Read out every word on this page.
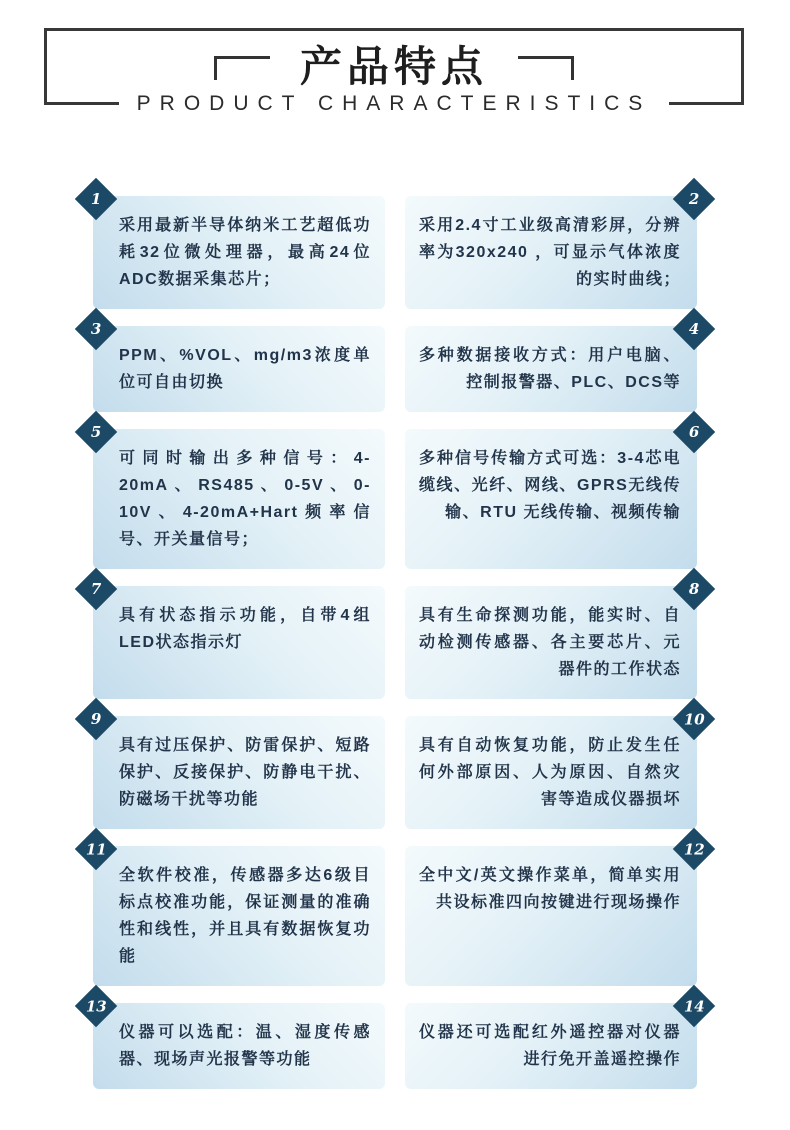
产品特点
PRODUCT CHARACTERISTICS
1

采用最新半导体纳米工艺超低功耗32位微处理器，最高24位ADC数据采集芯片；

2

采用2.4寸工业级高清彩屏，分辨率为320x240 ，可显示气体浓度的实时曲线；

3

PPM、%VOL、mg/m3浓度单位可自由切换

4

多种数据接收方式：用户电脑、控制报警器、PLC、DCS等

5

可同时输出多种信号：4-20mA、RS485、0-5V、0-10V、4-20mA+Hart频率信号、开关量信号；

6

多种信号传输方式可选：3-4芯电缆线、光纤、网线、GPRS无线传输、RTU 无线传输、视频传输

7

具有状态指示功能，自带4组LED状态指示灯

8

具有生命探测功能，能实时、自动检测传感器、各主要芯片、元器件的工作状态

9

具有过压保护、防雷保护、短路保护、反接保护、防静电干扰、防磁场干扰等功能

10

具有自动恢复功能，防止发生任何外部原因、人为原因、自然灾害等造成仪器损坏

11

全软件校准，传感器多达6级目标点校准功能，保证测量的准确性和线性，并且具有数据恢复功能

12

全中文/英文操作菜单，简单实用共设标准四向按键进行现场操作

13

仪器可以选配：温、湿度传感器、现场声光报警等功能

14

仪器还可选配红外遥控器对仪器进行免开盖遥控操作
